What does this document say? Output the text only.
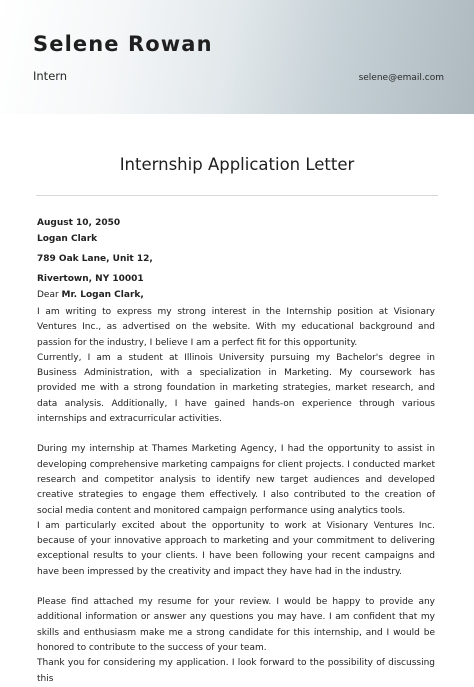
Selene Rowan
Intern	selene@email.com
Internship Application Letter
August 10, 2050
Logan Clark
789 Oak Lane, Unit 12,
Rivertown, NY 10001
Dear Mr. Logan Clark,

I am writing to express my strong interest in the Internship position at Visionary Ventures Inc., as advertised on the website. With my educational background and passion for the industry, I believe I am a perfect fit for this opportunity.

Currently, I am a student at Illinois University pursuing my Bachelor's degree in Business Administration, with a specialization in Marketing. My coursework has provided me with a strong foundation in marketing strategies, market research, and data analysis. Additionally, I have gained hands-on experience through various internships and extracurricular activities.

During my internship at Thames Marketing Agency, I had the opportunity to assist in developing comprehensive marketing campaigns for client projects. I conducted market research and competitor analysis to identify new target audiences and developed creative strategies to engage them effectively. I also contributed to the creation of social media content and monitored campaign performance using analytics tools.

I am particularly excited about the opportunity to work at Visionary Ventures Inc. because of your innovative approach to marketing and your commitment to delivering exceptional results to your clients. I have been following your recent campaigns and have been impressed by the creativity and impact they have had in the industry.

Please find attached my resume for your review. I would be happy to provide any additional information or answer any questions you may have. I am confident that my skills and enthusiasm make me a strong candidate for this internship, and I would be honored to contribute to the success of your team.

Thank you for considering my application. I look forward to the possibility of discussing this
